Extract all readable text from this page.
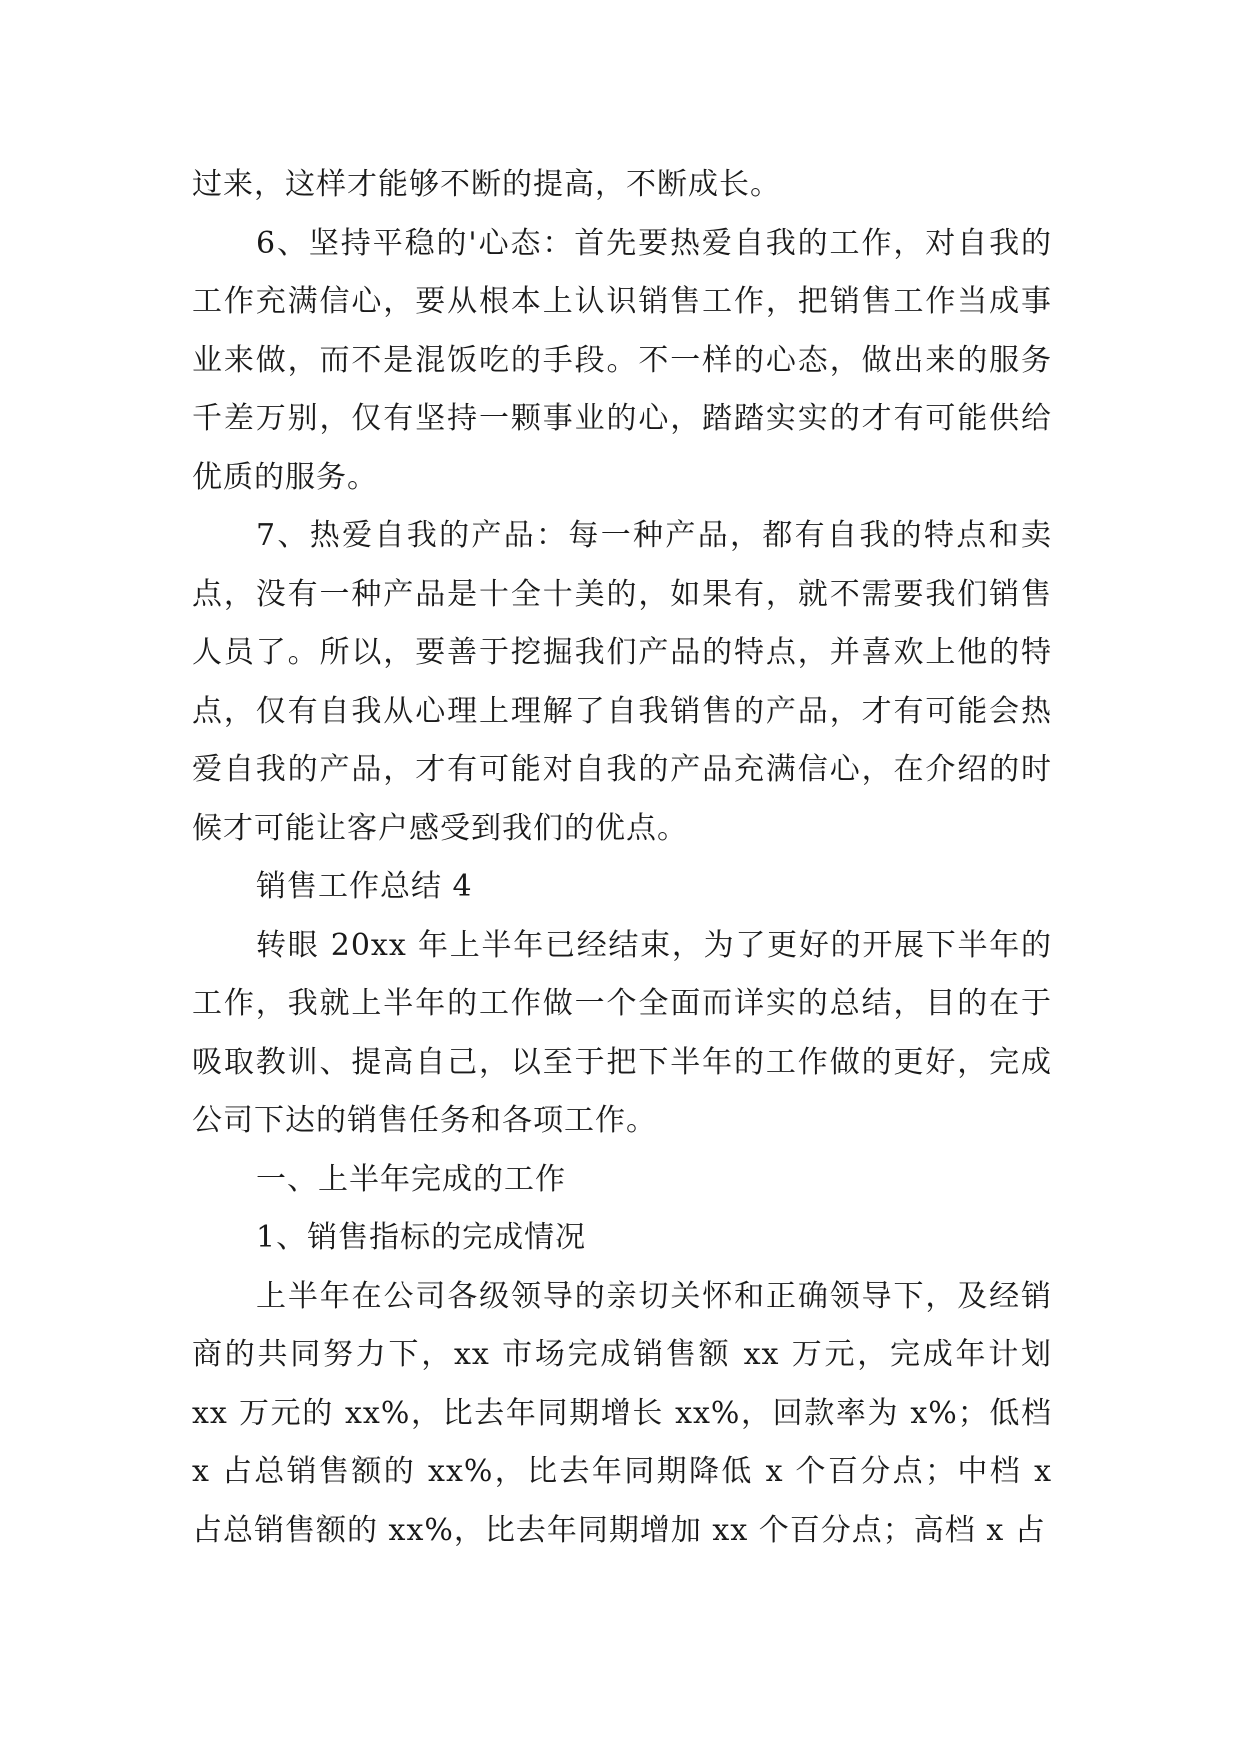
过来，这样才能够不断的提高，不断成长。

6、坚持平稳的'心态：首先要热爱自我的工作，对自我的工作充满信心，要从根本上认识销售工作，把销售工作当成事业来做，而不是混饭吃的手段。不一样的心态，做出来的服务千差万别，仅有坚持一颗事业的心，踏踏实实的才有可能供给优质的服务。

7、热爱自我的产品：每一种产品，都有自我的特点和卖点，没有一种产品是十全十美的，如果有，就不需要我们销售人员了。所以，要善于挖掘我们产品的特点，并喜欢上他的特点，仅有自我从心理上理解了自我销售的产品，才有可能会热爱自我的产品，才有可能对自我的产品充满信心，在介绍的时候才可能让客户感受到我们的优点。

销售工作总结 4

转眼 20xx 年上半年已经结束，为了更好的开展下半年的工作，我就上半年的工作做一个全面而详实的总结，目的在于吸取教训、提高自己，以至于把下半年的工作做的更好，完成公司下达的销售任务和各项工作。

一、上半年完成的工作

1、销售指标的完成情况

上半年在公司各级领导的亲切关怀和正确领导下，及经销商的共同努力下，xx 市场完成销售额 xx 万元，完成年计划 xx 万元的 xx%，比去年同期增长 xx%，回款率为 x%；低档 x 占总销售额的 xx%，比去年同期降低 x 个百分点；中档 x 占总销售额的 xx%，比去年同期增加 xx 个百分点；高档 x 占
